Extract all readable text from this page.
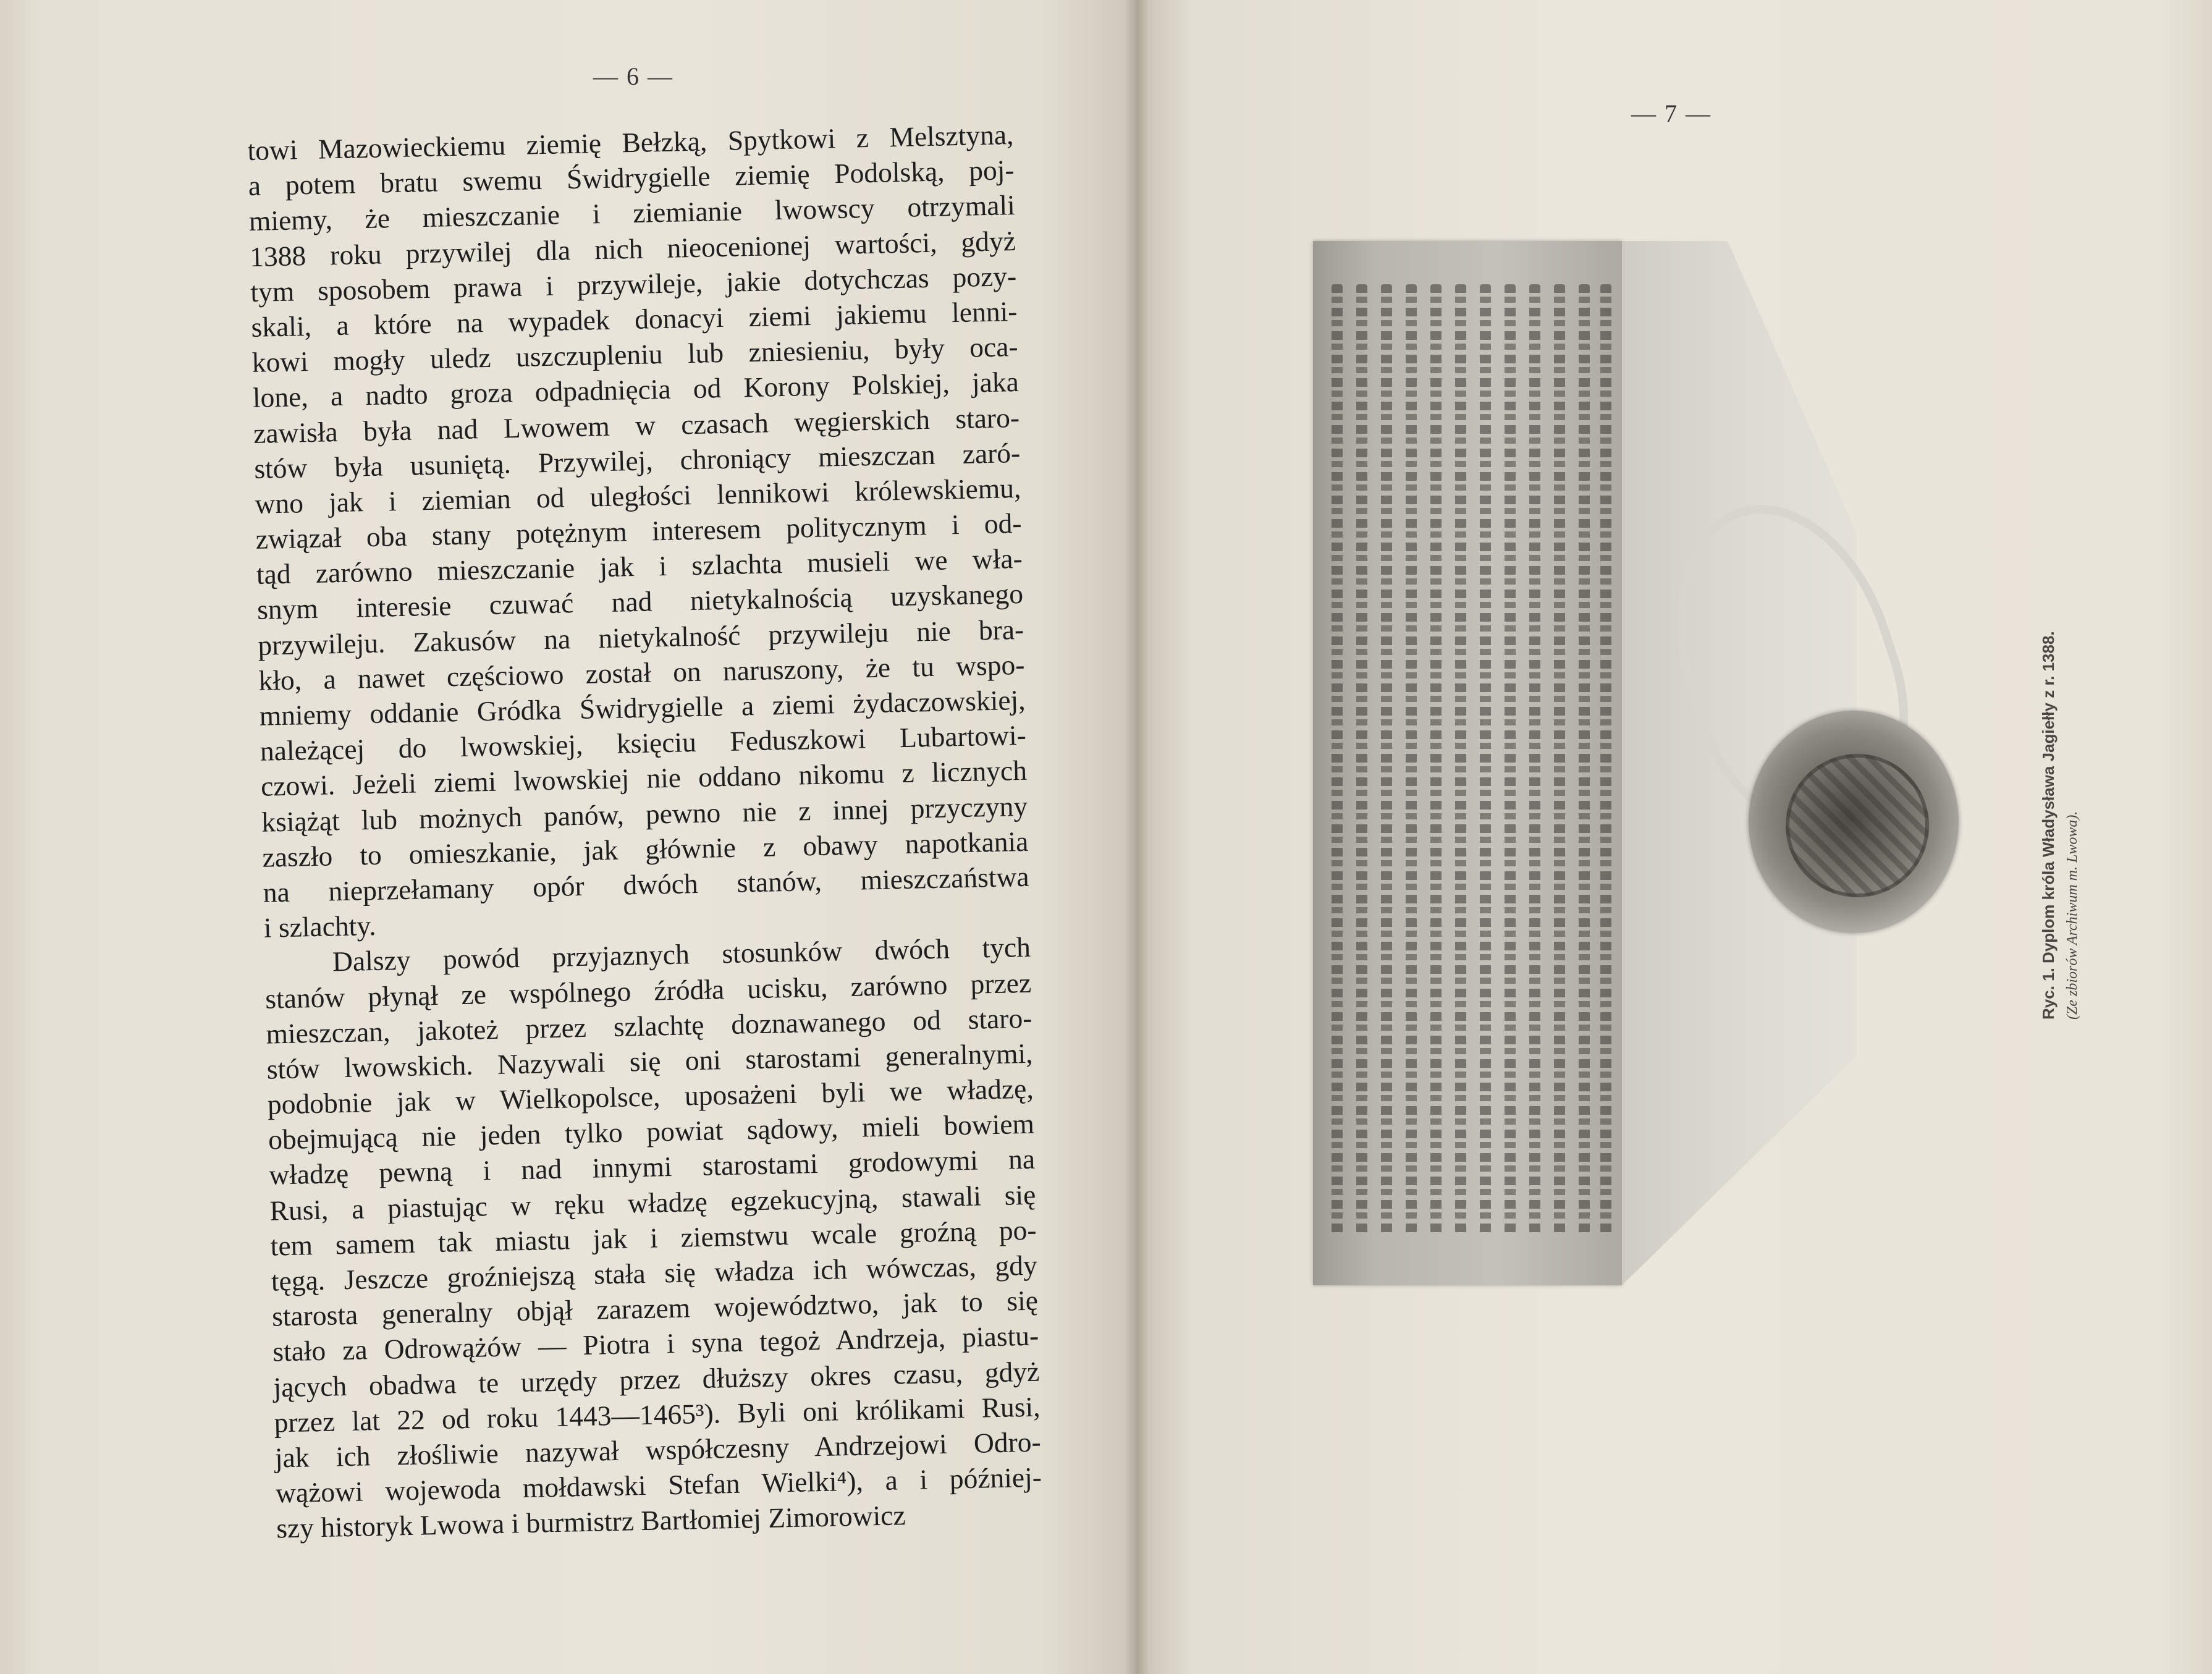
— 6 —
towi Mazowieckiemu ziemię Bełzką, Spytkowi z Melsztyna,
a potem bratu swemu Świdrygielle ziemię Podolską, poj-
miemy, że mieszczanie i ziemianie lwowscy otrzymali
1388 roku przywilej dla nich nieocenionej wartości, gdyż
tym sposobem prawa i przywileje, jakie dotychczas pozy-
skali, a które na wypadek donacyi ziemi jakiemu lenni-
kowi mogły uledz uszczupleniu lub zniesieniu, były oca-
lone, a nadto groza odpadnięcia od Korony Polskiej, jaka
zawisła była nad Lwowem w czasach węgierskich staro-
stów była usuniętą. Przywilej, chroniący mieszczan zaró-
wno jak i ziemian od uległości lennikowi królewskiemu,
związał oba stany potężnym interesem politycznym i od-
tąd zarówno mieszczanie jak i szlachta musieli we wła-
snym interesie czuwać nad nietykalnością uzyskanego
przywileju. Zakusów na nietykalność przywileju nie bra-
kło, a nawet częściowo został on naruszony, że tu wspo-
mniemy oddanie Gródka Świdrygielle a ziemi żydaczowskiej,
należącej do lwowskiej, księciu Feduszkowi Lubartowi-
czowi. Jeżeli ziemi lwowskiej nie oddano nikomu z licznych
książąt lub możnych panów, pewno nie z innej przyczyny
zaszło to omieszkanie, jak głównie z obawy napotkania
na nieprzełamany opór dwóch stanów, mieszczaństwa
i szlachty.
Dalszy powód przyjaznych stosunków dwóch tych
stanów płynął ze wspólnego źródła ucisku, zarówno przez
mieszczan, jakoteż przez szlachtę doznawanego od staro-
stów lwowskich. Nazywali się oni starostami generalnymi,
podobnie jak w Wielkopolsce, uposażeni byli we władzę,
obejmującą nie jeden tylko powiat sądowy, mieli bowiem
władzę pewną i nad innymi starostami grodowymi na
Rusi, a piastując w ręku władzę egzekucyjną, stawali się
tem samem tak miastu jak i ziemstwu wcale groźną po-
tęgą. Jeszcze groźniejszą stała się władza ich wówczas, gdy
starosta generalny objął zarazem województwo, jak to się
stało za Odrowążów — Piotra i syna tegoż Andrzeja, piastu-
jących obadwa te urzędy przez dłuższy okres czasu, gdyż
przez lat 22 od roku 1443—1465³). Byli oni królikami Rusi,
jak ich złośliwie nazywał współczesny Andrzejowi Odro-
wążowi wojewoda mołdawski Stefan Wielki⁴), a i później-
szy historyk Lwowa i burmistrz Bartłomiej Zimorowicz
— 7 —
Ryc. 1. Dyplom króla Władysława Jagiełły z r. 1388. (Ze zbiorów Archiwum m. Lwowa).
